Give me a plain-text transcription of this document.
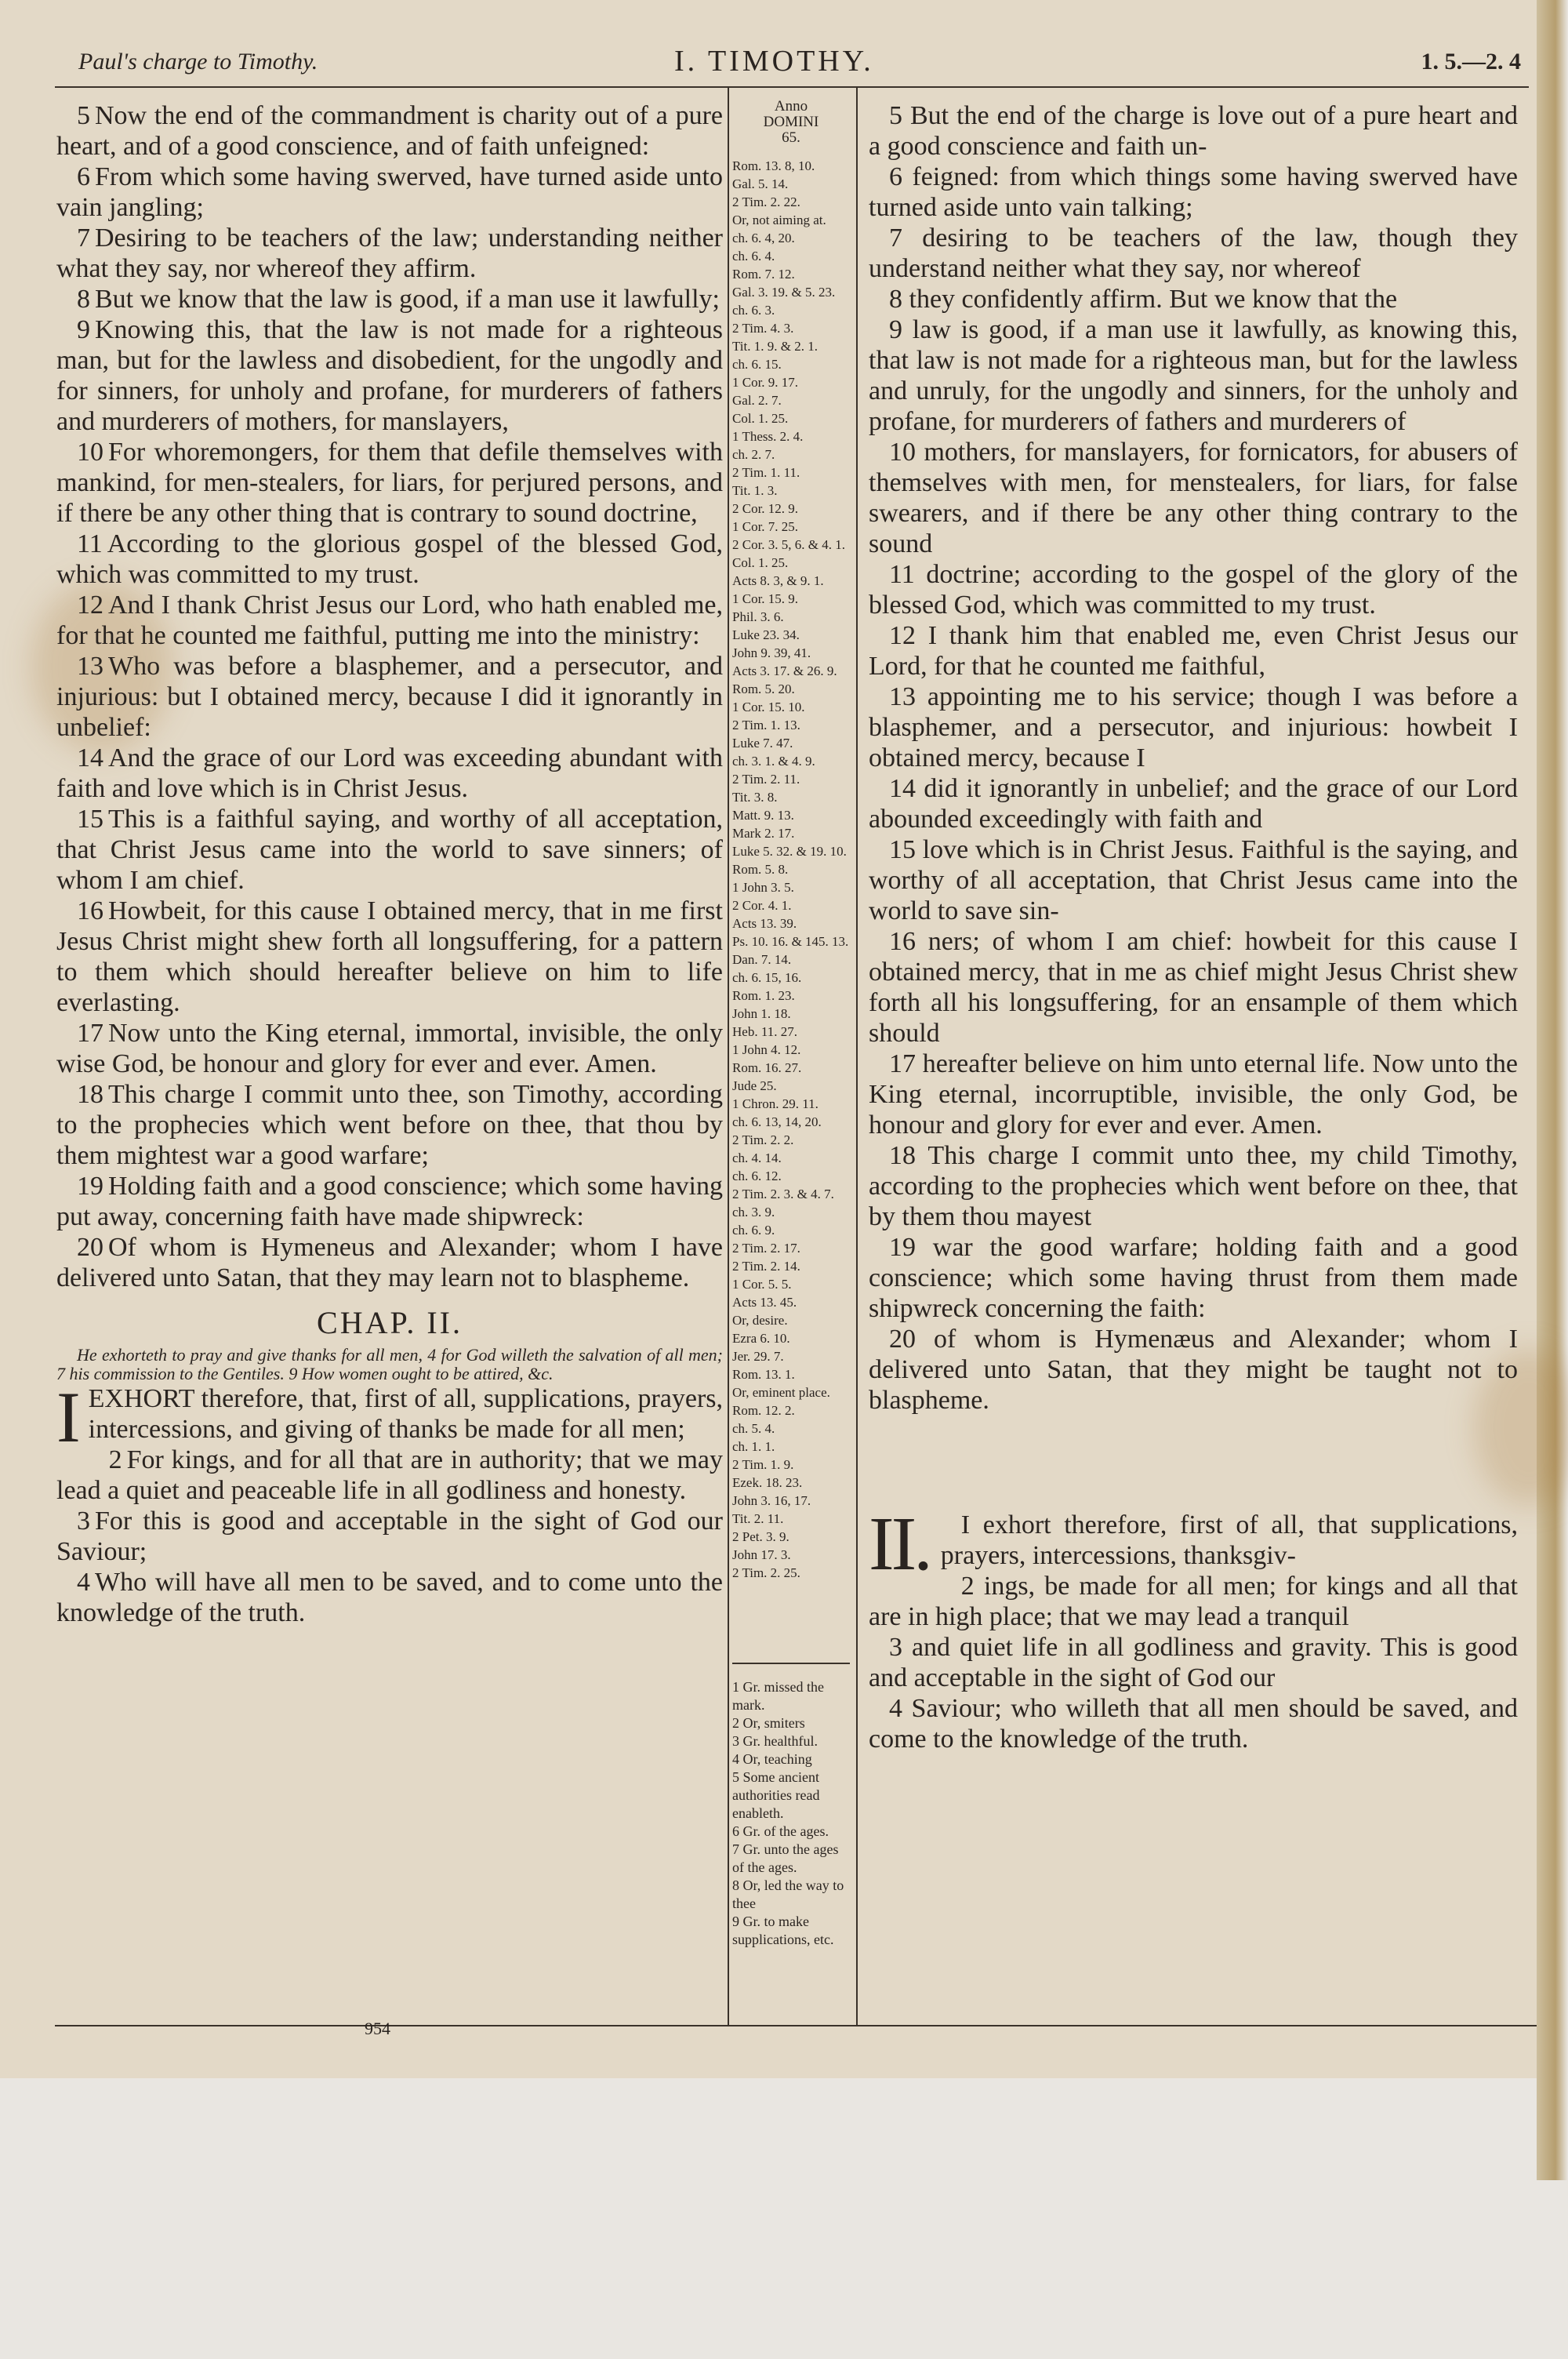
Paul's charge to Timothy.	I. TIMOTHY.	1. 5.—2. 4

5 Now the end of the commandment is charity out of a pure heart, and of a good conscience, and of faith unfeigned:

6 From which some having swerved, have turned aside unto vain jangling;

7 Desiring to be teachers of the law; understanding neither what they say, nor whereof they affirm.

8 But we know that the law is good, if a man use it lawfully;

9 Knowing this, that the law is not made for a righteous man, but for the lawless and disobedient, for the ungodly and for sinners, for unholy and profane, for murderers of fathers and murderers of mothers, for manslayers,

10 For whoremongers, for them that defile themselves with mankind, for men-stealers, for liars, for perjured persons, and if there be any other thing that is contrary to sound doctrine,

11 According to the glorious gospel of the blessed God, which was committed to my trust.

12 And I thank Christ Jesus our Lord, who hath enabled me, for that he counted me faithful, putting me into the ministry:

13 Who was before a blasphemer, and a persecutor, and injurious: but I obtained mercy, because I did it ignorantly in unbelief:

14 And the grace of our Lord was exceeding abundant with faith and love which is in Christ Jesus.

15 This is a faithful saying, and worthy of all acceptation, that Christ Jesus came into the world to save sinners; of whom I am chief.

16 Howbeit, for this cause I obtained mercy, that in me first Jesus Christ might shew forth all longsuffering, for a pattern to them which should hereafter believe on him to life everlasting.

17 Now unto the King eternal, immortal, invisible, the only wise God, be honour and glory for ever and ever. Amen.

18 This charge I commit unto thee, son Timothy, according to the prophecies which went before on thee, that thou by them mightest war a good warfare;

19 Holding faith and a good conscience; which some having put away, concerning faith have made shipwreck:

20 Of whom is Hymeneus and Alexander; whom I have delivered unto Satan, that they may learn not to blaspheme.

CHAP. II.

He exhorteth to pray and give thanks for all men, 4 for God willeth the salvation of all men; 7 his commission to the Gentiles. 9 How women ought to be attired, &c.

I EXHORT therefore, that, first of all, supplications, prayers, intercessions, and giving of thanks be made for all men;

2 For kings, and for all that are in authority; that we may lead a quiet and peaceable life in all godliness and honesty.

3 For this is good and acceptable in the sight of God our Saviour;

4 Who will have all men to be saved, and to come unto the knowledge of the truth.

Anno
DOMINI
65.
Rom. 13. 8, 10.
Gal. 5. 14.
2 Tim. 2. 22.
Or, not aiming at.
ch. 6. 4, 20.
ch. 6. 4.
Rom. 7. 12.
Gal. 3. 19. & 5. 23.
ch. 6. 3.
2 Tim. 4. 3.
Tit. 1. 9. & 2. 1.
ch. 6. 15.
1 Cor. 9. 17.
Gal. 2. 7.
Col. 1. 25.
1 Thess. 2. 4.
ch. 2. 7.
2 Tim. 1. 11.
Tit. 1. 3.
2 Cor. 12. 9.
1 Cor. 7. 25.
2 Cor. 3. 5, 6. & 4. 1.
Col. 1. 25.
Acts 8. 3, & 9. 1.
1 Cor. 15. 9.
Phil. 3. 6.
Luke 23. 34.
John 9. 39, 41.
Acts 3. 17. & 26. 9.
Rom. 5. 20.
1 Cor. 15. 10.
2 Tim. 1. 13.
Luke 7. 47.
ch. 3. 1. & 4. 9.
2 Tim. 2. 11.
Tit. 3. 8.
Matt. 9. 13.
Mark 2. 17.
Luke 5. 32. & 19. 10.
Rom. 5. 8.
1 John 3. 5.
2 Cor. 4. 1.
Acts 13. 39.
Ps. 10. 16. & 145. 13.
Dan. 7. 14.
ch. 6. 15, 16.
Rom. 1. 23.
John 1. 18.
Heb. 11. 27.
1 John 4. 12.
Rom. 16. 27.
Jude 25.
1 Chron. 29. 11.
ch. 6. 13, 14, 20.
2 Tim. 2. 2.
ch. 4. 14.
ch. 6. 12.
2 Tim. 2. 3. & 4. 7.
ch. 3. 9.
ch. 6. 9.
2 Tim. 2. 17.
2 Tim. 2. 14.
1 Cor. 5. 5.
Acts 13. 45.
Or, desire.
Ezra 6. 10.
Jer. 29. 7.
Rom. 13. 1.
Or, eminent place.
Rom. 12. 2.
ch. 5. 4.
ch. 1. 1.
2 Tim. 1. 9.
Ezek. 18. 23.
John 3. 16, 17.
Tit. 2. 11.
2 Pet. 3. 9.
John 17. 3.
2 Tim. 2. 25.
1 Gr. missed the mark.
2 Or, smiters
3 Gr. healthful.
4 Or, teaching
5 Some ancient authorities read enableth.
6 Gr. of the ages.
7 Gr. unto the ages of the ages.
8 Or, led the way to thee
9 Gr. to make supplications, etc.

5 But the end of the charge is love out of a pure heart and a good conscience and faith un-

6 feigned: from which things some having swerved have turned aside unto vain talking;

7 desiring to be teachers of the law, though they understand neither what they say, nor whereof

8 they confidently affirm. But we know that the

9 law is good, if a man use it lawfully, as knowing this, that law is not made for a righteous man, but for the lawless and unruly, for the ungodly and sinners, for the unholy and profane, for murderers of fathers and murderers of

10 mothers, for manslayers, for fornicators, for abusers of themselves with men, for menstealers, for liars, for false swearers, and if there be any other thing contrary to the sound

11 doctrine; according to the gospel of the glory of the blessed God, which was committed to my trust.

12 I thank him that enabled me, even Christ Jesus our Lord, for that he counted me faithful,

13 appointing me to his service; though I was before a blasphemer, and a persecutor, and injurious: howbeit I obtained mercy, because I

14 did it ignorantly in unbelief; and the grace of our Lord abounded exceedingly with faith and

15 love which is in Christ Jesus. Faithful is the saying, and worthy of all acceptation, that Christ Jesus came into the world to save sin-

16 ners; of whom I am chief: howbeit for this cause I obtained mercy, that in me as chief might Jesus Christ shew forth all his longsuffering, for an ensample of them which should

17 hereafter believe on him unto eternal life. Now unto the King eternal, incorruptible, invisible, the only God, be honour and glory for ever and ever. Amen.

18 This charge I commit unto thee, my child Timothy, according to the prophecies which went before on thee, that by them thou mayest

19 war the good warfare; holding faith and a good conscience; which some having thrust from them made shipwreck concerning the faith:

20 of whom is Hymenæus and Alexander; whom I delivered unto Satan, that they might be taught not to blaspheme.

II.	I exhort therefore, first of all, that supplications, prayers, intercessions, thanksgiv-

2 ings, be made for all men; for kings and all that are in high place; that we may lead a tranquil

3 and quiet life in all godliness and gravity. This is good and acceptable in the sight of God our

4 Saviour; who willeth that all men should be saved, and come to the knowledge of the truth.

954
